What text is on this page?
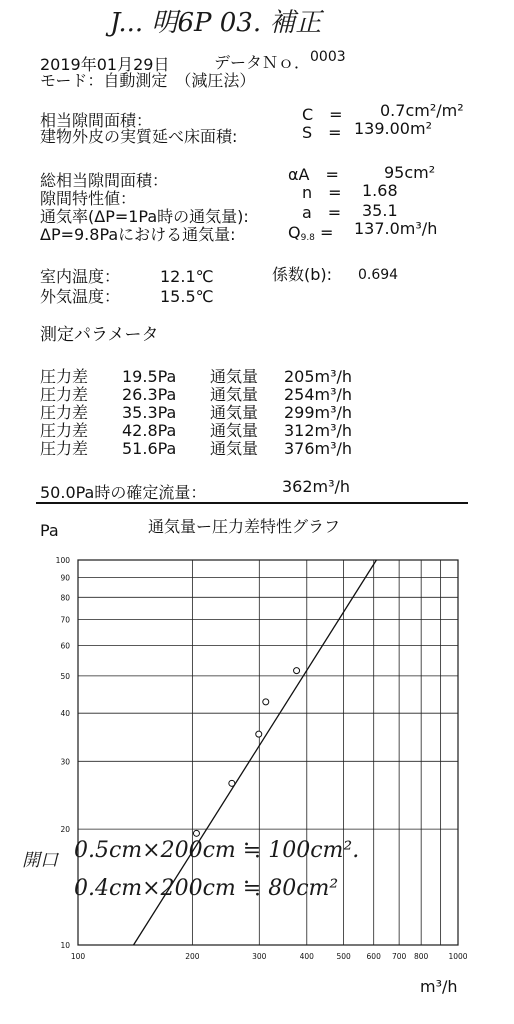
J... 明6P 03. 補正
2019年01月29日	データＮｏ． 0003
モード：自動測定　（減圧法）
相当隙間面積：	C　= 0.7cm²/m²
建物外皮の実質延べ床面積:	S　= 139.00m²
総相当隙間面積：	αA　=	95cm²
隙間特性値：	n　= 1.68
通気率(ΔP=1Pa時の通気量):	a　= 35.1
ΔP=9.8Paにおける通気量:	$Q_{9.8} = 137.0m^3/h$
室内温度： 12.1℃
外気温度： 15.5℃
係数(b): 0.694
測定パラメータ
圧力差 19.5Pa 通気量 205m³/h
圧力差 26.3Pa 通気量 254m³/h
圧力差 35.3Pa 通気量 299m³/h
圧力差 42.8Pa 通気量 312m³/h
圧力差 51.6Pa 通気量 376m³/h
50.0Pa時の確定流量：	362m³/h
Pa	通気量ー圧力差特性グラフ
100
90
80
70
60
50
40
30
20
10
100	200	300	400	500 600 700 800	1000
m³/h
開口 0.5cm×200cm ≒ 100cm².
0.4cm×200cm ≒ 80cm²
